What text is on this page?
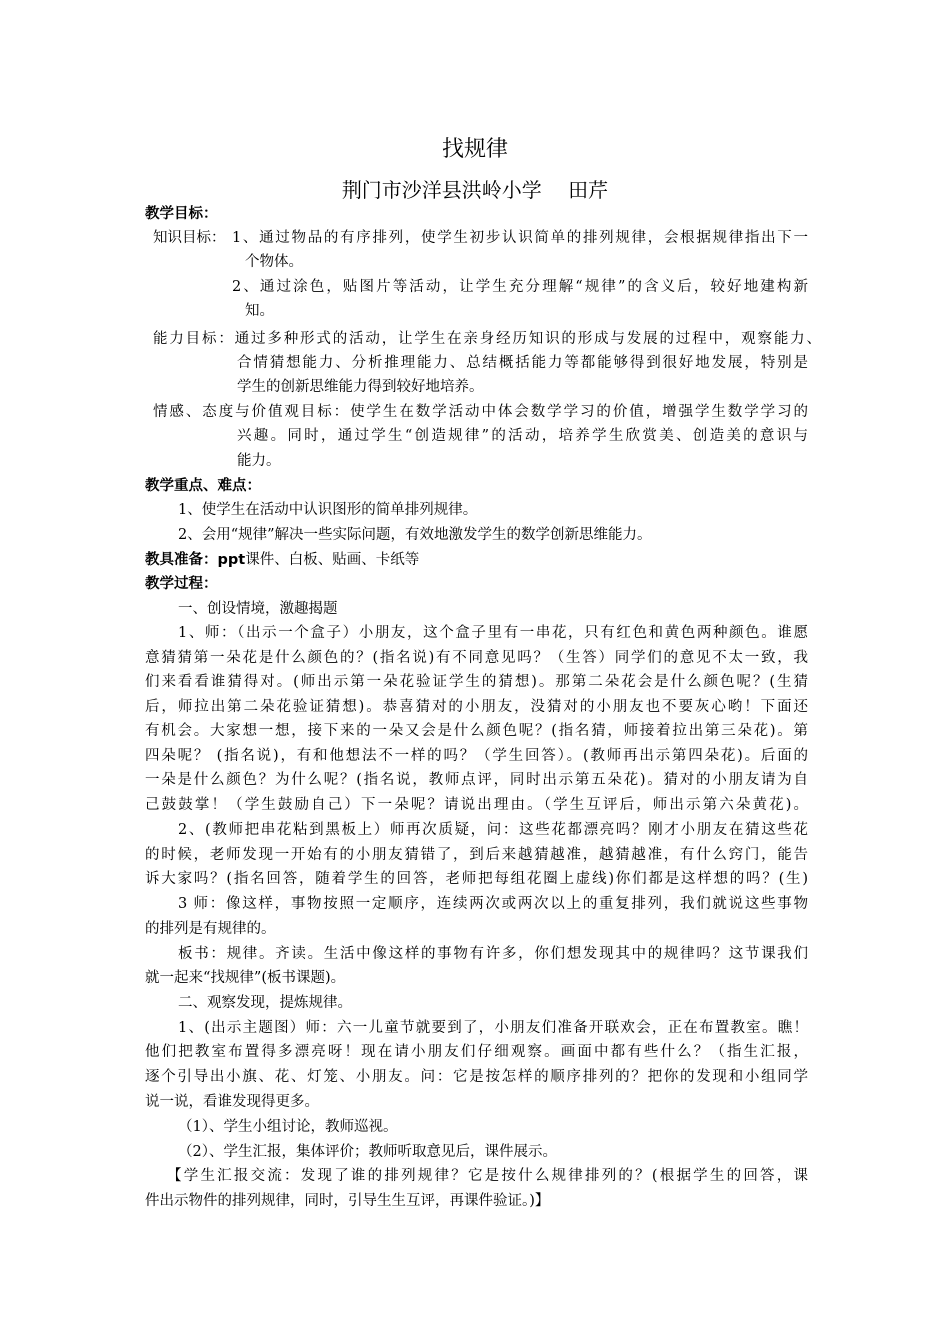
找规律
荆门市沙洋县洪岭小学　 田芹
教学目标：
知识目标： 1、通过物品的有序排列，使学生初步认识简单的排列规律，会根据规律指出下一
个物体。
2、通过涂色，贴图片等活动，让学生充分理解“规律”的含义后，较好地建构新
知。
能力目标：通过多种形式的活动，让学生在亲身经历知识的形成与发展的过程中，观察能力、
合情猜想能力、分析推理能力、总结概括能力等都能够得到很好地发展，特别是
学生的创新思维能力得到较好地培养。
情感、态度与价值观目标：使学生在数学活动中体会数学学习的价值，增强学生数学学习的
兴趣。同时，通过学生“创造规律”的活动，培养学生欣赏美、创造美的意识与
能力。
教学重点、难点：
1、使学生在活动中认识图形的简单排列规律。
2、会用“规律”解决一些实际问题，有效地激发学生的数学创新思维能力。
教具准备：ppt课件、白板、贴画、卡纸等
教学过程：
一、创设情境，激趣揭题
1、师：（出示一个盒子）小朋友，这个盒子里有一串花，只有红色和黄色两种颜色。谁愿
意猜猜第一朵花是什么颜色的？(指名说)有不同意见吗？（生答）同学们的意见不太一致，我
们来看看谁猜得对。(师出示第一朵花验证学生的猜想)。那第二朵花会是什么颜色呢？(生猜
后，师拉出第二朵花验证猜想)。恭喜猜对的小朋友，没猜对的小朋友也不要灰心哟！下面还
有机会。大家想一想，接下来的一朵又会是什么颜色呢？(指名猜，师接着拉出第三朵花)。第
四朵呢？ (指名说)，有和他想法不一样的吗？（学生回答）。(教师再出示第四朵花)。后面的
一朵是什么颜色？为什么呢？(指名说，教师点评，同时出示第五朵花)。猜对的小朋友请为自
己鼓鼓掌！（学生鼓励自己）下一朵呢？请说出理由。（学生互评后，师出示第六朵黄花)。
2、(教师把串花粘到黑板上）师再次质疑，问：这些花都漂亮吗？刚才小朋友在猜这些花
的时候，老师发现一开始有的小朋友猜错了，到后来越猜越准，越猜越准，有什么窍门，能告
诉大家吗？(指名回答，随着学生的回答，老师把每组花圈上虚线)你们都是这样想的吗？(生)
3 师：像这样，事物按照一定顺序，连续两次或两次以上的重复排列，我们就说这些事物
的排列是有规律的。
板书：规律。齐读。生活中像这样的事物有许多，你们想发现其中的规律吗？这节课我们
就一起来“找规律”(板书课题)。
二、观察发现，提炼规律。
1、(出示主题图）师：六一儿童节就要到了，小朋友们准备开联欢会，正在布置教室。瞧！
他们把教室布置得多漂亮呀！现在请小朋友们仔细观察。画面中都有些什么？（指生汇报，
逐个引导出小旗、花、灯笼、小朋友。问：它是按怎样的顺序排列的？把你的发现和小组同学
说一说，看谁发现得更多。
（1）、学生小组讨论，教师巡视。
（2）、学生汇报，集体评价；教师听取意见后，课件展示。
【学生汇报交流：发现了谁的排列规律？它是按什么规律排列的？(根据学生的回答，课
件出示物件的排列规律，同时，引导生生互评，再课件验证。)】
